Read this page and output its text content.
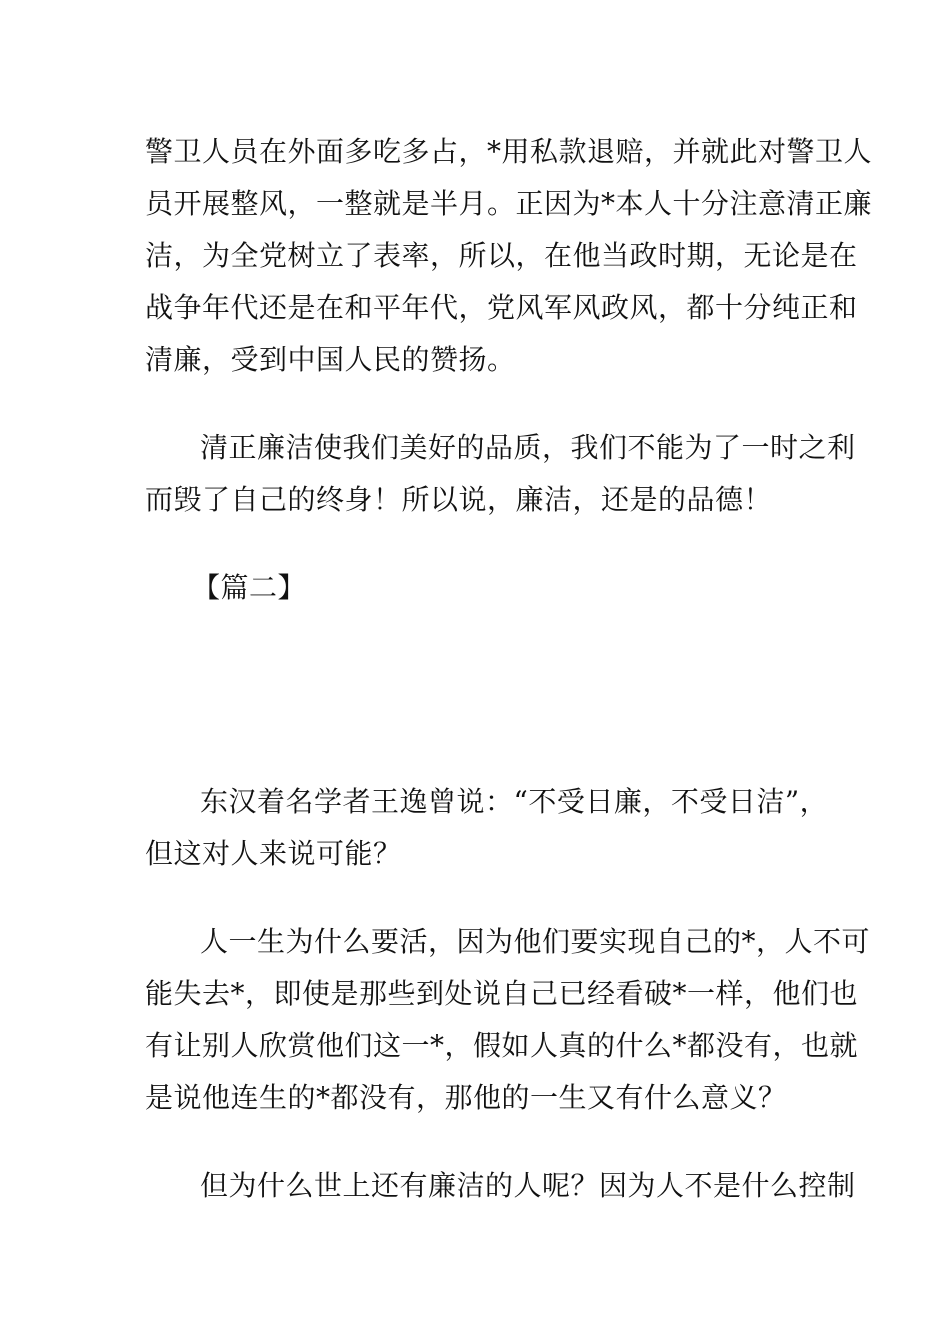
警卫人员在外面多吃多占，*用私款退赔，并就此对警卫人
员开展整风，一整就是半月。正因为*本人十分注意清正廉
洁，为全党树立了表率，所以，在他当政时期，无论是在
战争年代还是在和平年代，党风军风政风，都十分纯正和
清廉，受到中国人民的赞扬。
清正廉洁使我们美好的品质，我们不能为了一时之利
而毁了自己的终身！所以说，廉洁，还是的品德！
【篇二】
东汉着名学者王逸曾说：“不受日廉，不受日洁”，
但这对人来说可能？
人一生为什么要活，因为他们要实现自己的*，人不可
能失去*，即使是那些到处说自己已经看破*一样，他们也
有让别人欣赏他们这一*，假如人真的什么*都没有，也就
是说他连生的*都没有，那他的一生又有什么意义？
但为什么世上还有廉洁的人呢？因为人不是什么控制
